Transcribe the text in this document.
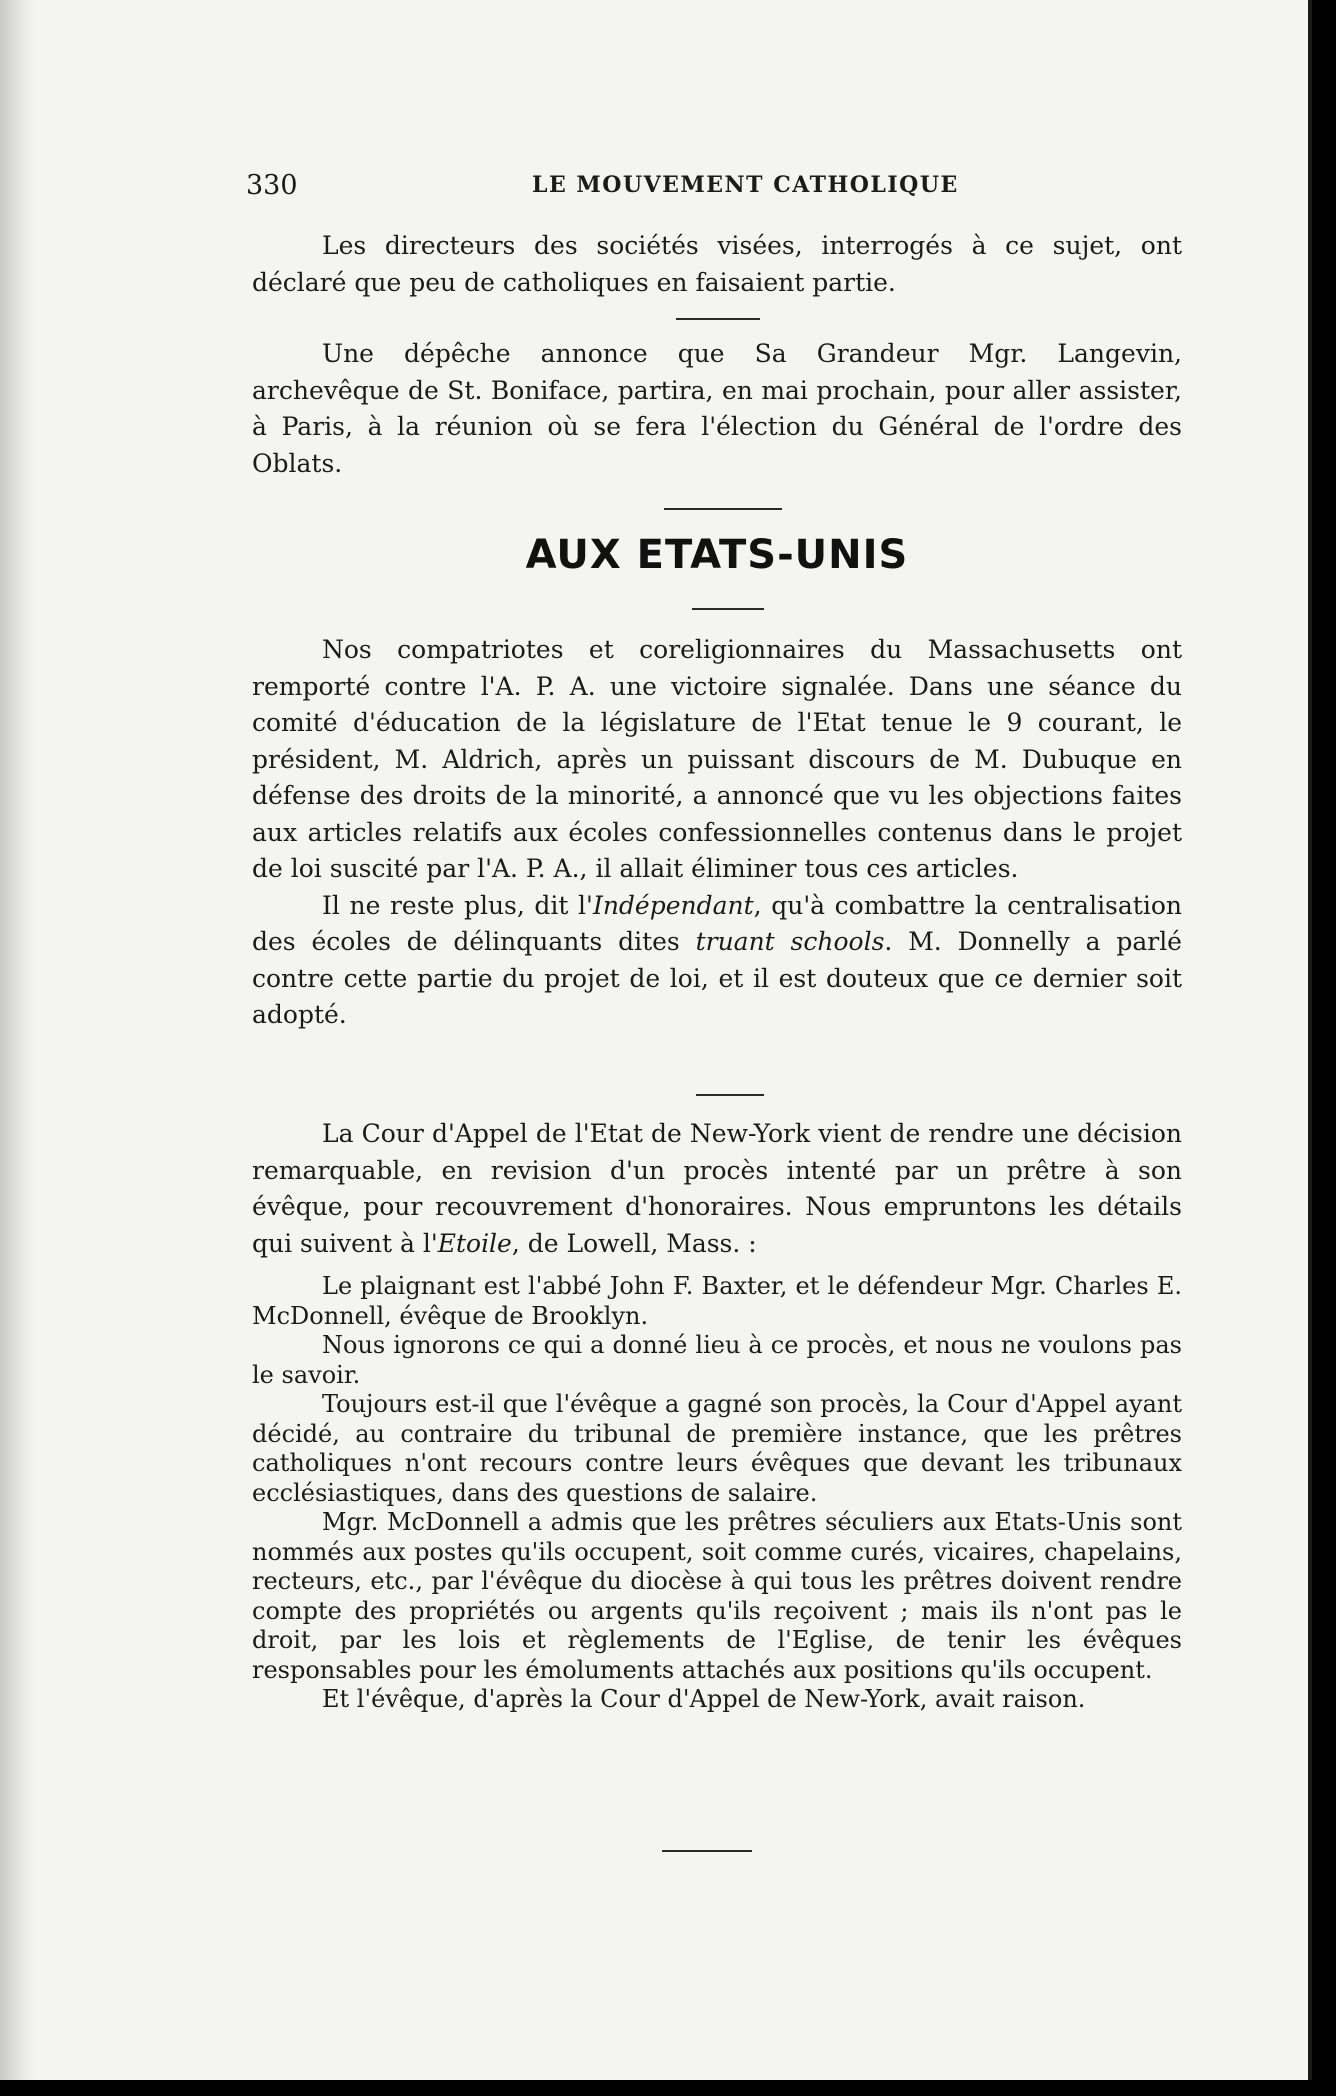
330	LE MOUVEMENT CATHOLIQUE

Les directeurs des sociétés visées, interrogés à ce sujet, ont déclaré que peu de catholiques en faisaient partie.

Une dépêche annonce que Sa Grandeur Mgr. Langevin, archevêque de St. Boniface, partira, en mai prochain, pour aller assister, à Paris, à la réunion où se fera l'élection du Général de l'ordre des Oblats.

AUX ETATS-UNIS

Nos compatriotes et coreligionnaires du Massachusetts ont remporté contre l'A. P. A. une victoire signalée. Dans une séance du comité d'éducation de la législature de l'Etat tenue le 9 courant, le président, M. Aldrich, après un puissant discours de M. Dubuque en défense des droits de la minorité, a annoncé que vu les objections faites aux articles relatifs aux écoles confessionnelles contenus dans le projet de loi suscité par l'A. P. A., il allait éliminer tous ces articles.

Il ne reste plus, dit l'Indépendant, qu'à combattre la centralisation des écoles de délinquants dites truant schools. M. Donnelly a parlé contre cette partie du projet de loi, et il est douteux que ce dernier soit adopté.

La Cour d'Appel de l'Etat de New-York vient de rendre une décision remarquable, en revision d'un procès intenté par un prêtre à son évêque, pour recouvrement d'honoraires. Nous empruntons les détails qui suivent à l'Etoile, de Lowell, Mass. :

Le plaignant est l'abbé John F. Baxter, et le défendeur Mgr. Charles E. McDonnell, évêque de Brooklyn.

Nous ignorons ce qui a donné lieu à ce procès, et nous ne voulons pas le savoir.

Toujours est-il que l'évêque a gagné son procès, la Cour d'Appel ayant décidé, au contraire du tribunal de première instance, que les prêtres catholiques n'ont recours contre leurs évêques que devant les tribunaux ecclésiastiques, dans des questions de salaire.

Mgr. McDonnell a admis que les prêtres séculiers aux Etats-Unis sont nommés aux postes qu'ils occupent, soit comme curés, vicaires, chapelains, recteurs, etc., par l'évêque du diocèse à qui tous les prêtres doivent rendre compte des propriétés ou argents qu'ils reçoivent ; mais ils n'ont pas le droit, par les lois et règlements de l'Eglise, de tenir les évêques responsables pour les émoluments attachés aux positions qu'ils occupent.

Et l'évêque, d'après la Cour d'Appel de New-York, avait raison.
